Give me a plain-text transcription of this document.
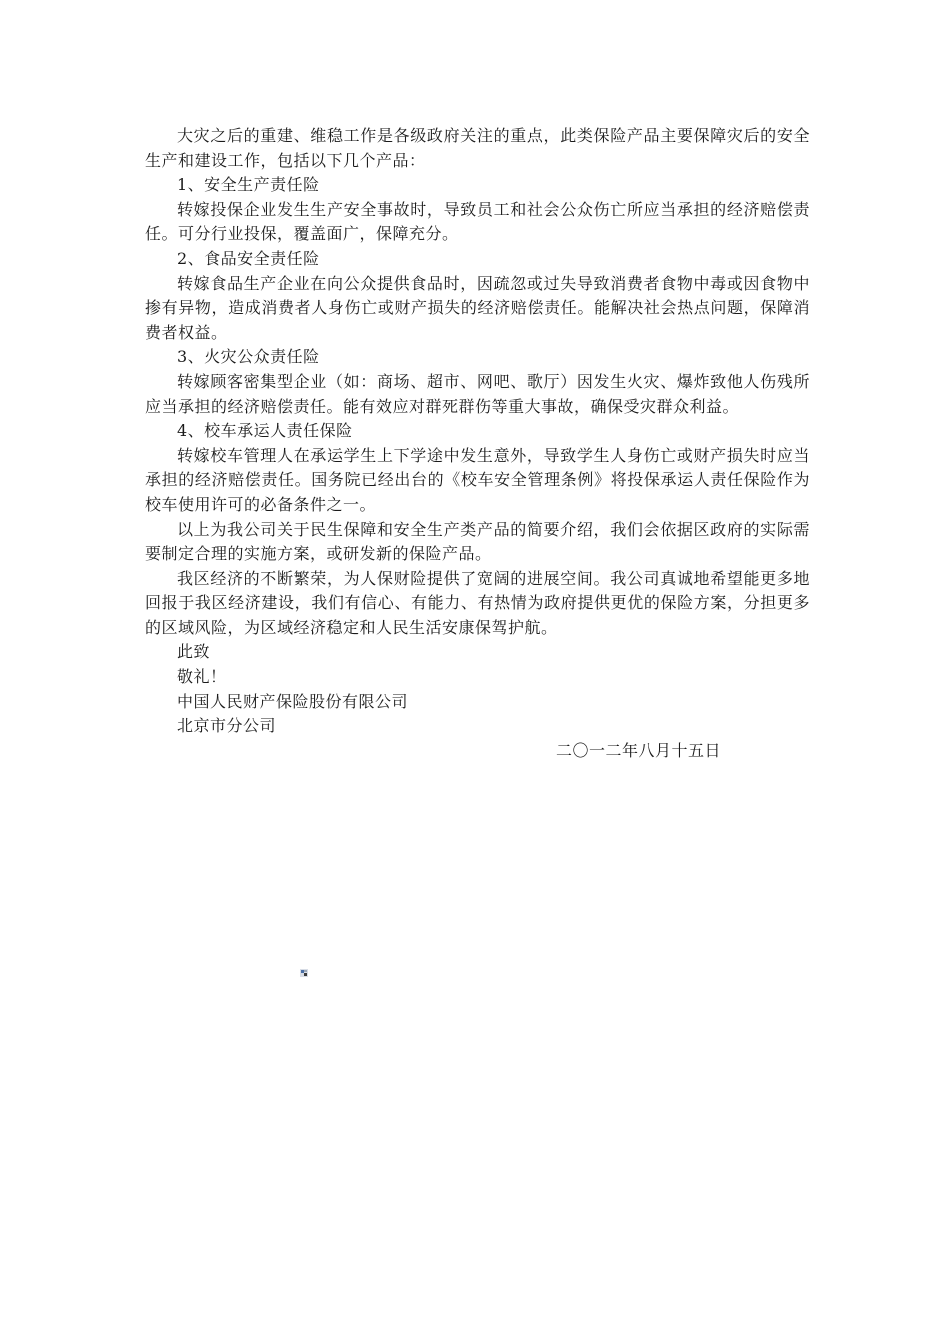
大灾之后的重建、维稳工作是各级政府关注的重点，此类保险产品主要保障灾后的安全生产和建设工作，包括以下几个产品：

1、安全生产责任险

转嫁投保企业发生生产安全事故时，导致员工和社会公众伤亡所应当承担的经济赔偿责任。可分行业投保，覆盖面广，保障充分。

2、食品安全责任险

转嫁食品生产企业在向公众提供食品时，因疏忽或过失导致消费者食物中毒或因食物中掺有异物，造成消费者人身伤亡或财产损失的经济赔偿责任。能解决社会热点问题，保障消费者权益。

3、火灾公众责任险

转嫁顾客密集型企业（如：商场、超市、网吧、歌厅）因发生火灾、爆炸致他人伤残所应当承担的经济赔偿责任。能有效应对群死群伤等重大事故，确保受灾群众利益。

4、校车承运人责任保险

转嫁校车管理人在承运学生上下学途中发生意外，导致学生人身伤亡或财产损失时应当承担的经济赔偿责任。国务院已经出台的《校车安全管理条例》将投保承运人责任保险作为校车使用许可的必备条件之一。

以上为我公司关于民生保障和安全生产类产品的简要介绍，我们会依据区政府的实际需要制定合理的实施方案，或研发新的保险产品。

我区经济的不断繁荣，为人保财险提供了宽阔的进展空间。我公司真诚地希望能更多地回报于我区经济建设，我们有信心、有能力、有热情为政府提供更优的保险方案，分担更多的区域风险，为区域经济稳定和人民生活安康保驾护航。

此致

敬礼！

中国人民财产保险股份有限公司

北京市分公司

二〇一二年八月十五日
